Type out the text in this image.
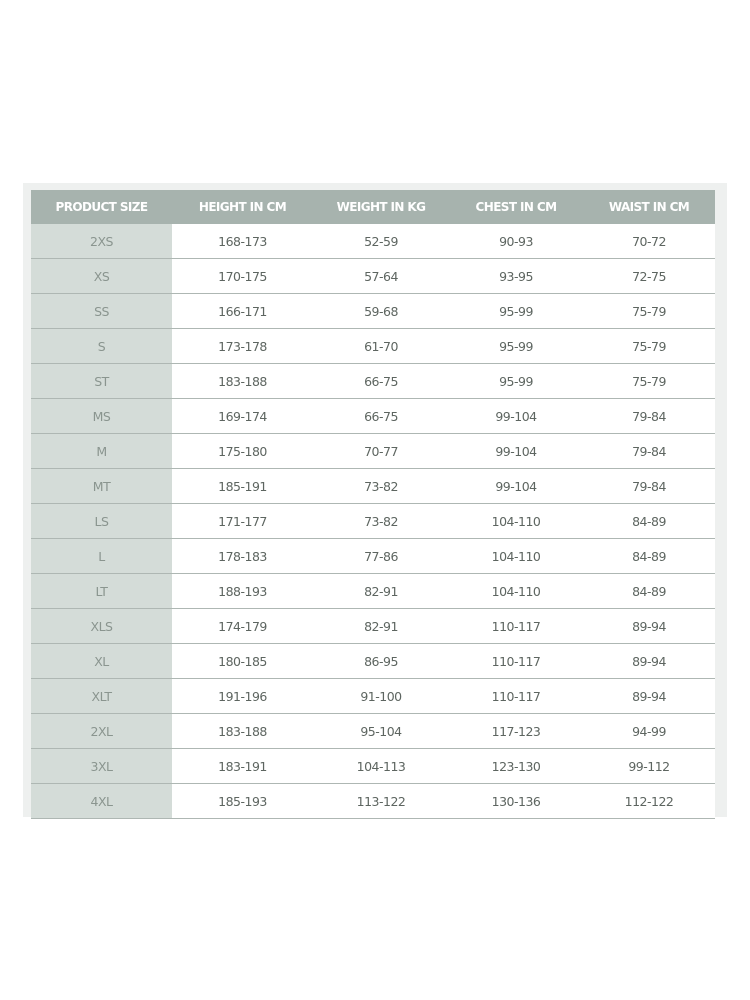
PRODUCT SIZE	HEIGHT IN CM	WEIGHT IN KG	CHEST IN CM	WAIST IN CM
2XS	168-173	52-59	90-93	70-72
XS	170-175	57-64	93-95	72-75
SS	166-171	59-68	95-99	75-79
S	173-178	61-70	95-99	75-79
ST	183-188	66-75	95-99	75-79
MS	169-174	66-75	99-104	79-84
M	175-180	70-77	99-104	79-84
MT	185-191	73-82	99-104	79-84
LS	171-177	73-82	104-110	84-89
L	178-183	77-86	104-110	84-89
LT	188-193	82-91	104-110	84-89
XLS	174-179	82-91	110-117	89-94
XL	180-185	86-95	110-117	89-94
XLT	191-196	91-100	110-117	89-94
2XL	183-188	95-104	117-123	94-99
3XL	183-191	104-113	123-130	99-112
4XL	185-193	113-122	130-136	112-122
